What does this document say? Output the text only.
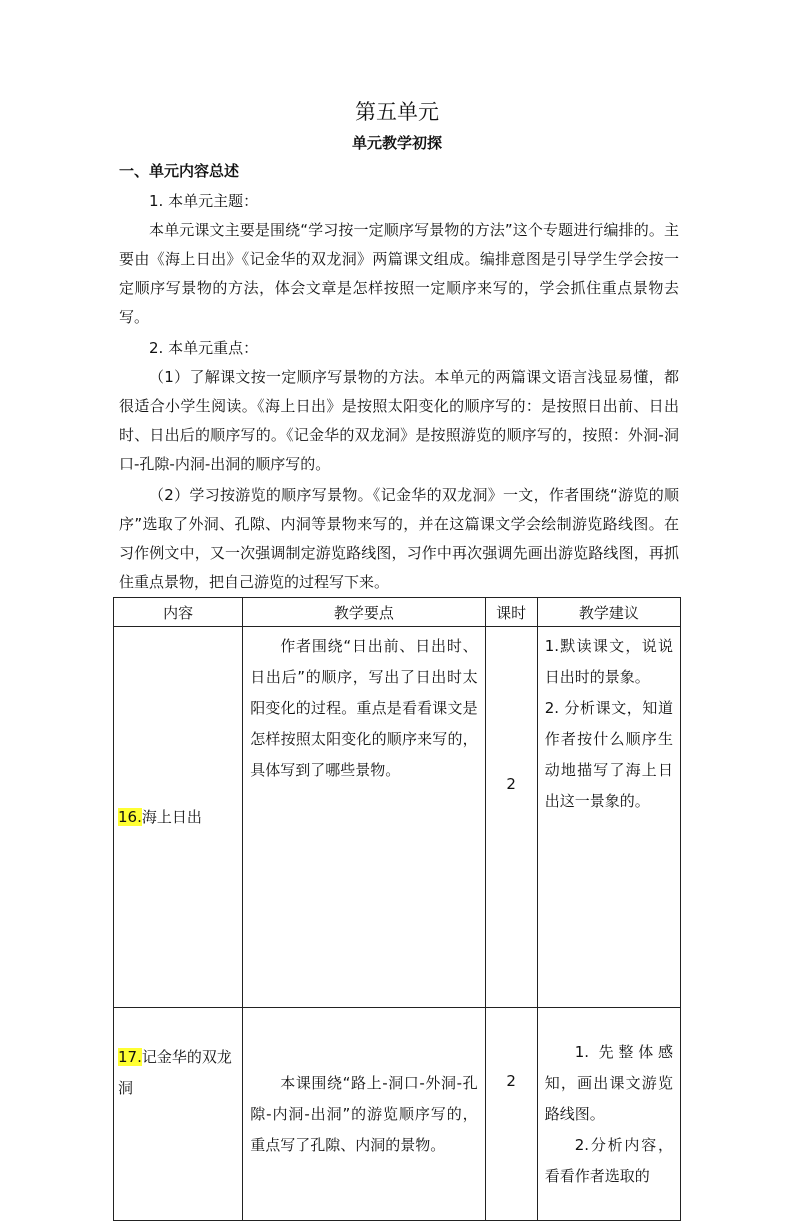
第五单元
单元教学初探
一、单元内容总述
1. 本单元主题：
本单元课文主要是围绕“学习按一定顺序写景物的方法”这个专题进行编排的。主要由《海上日出》《记金华的双龙洞》两篇课文组成。编排意图是引导学生学会按一定顺序写景物的方法，体会文章是怎样按照一定顺序来写的，学会抓住重点景物去写。
2. 本单元重点：
（1）了解课文按一定顺序写景物的方法。本单元的两篇课文语言浅显易懂，都很适合小学生阅读。《海上日出》是按照太阳变化的顺序写的：是按照日出前、日出时、日出后的顺序写的。《记金华的双龙洞》是按照游览的顺序写的，按照：外洞-洞口-孔隙-内洞-出洞的顺序写的。
（2）学习按游览的顺序写景物。《记金华的双龙洞》一文，作者围绕“游览的顺序”选取了外洞、孔隙、内洞等景物来写的，并在这篇课文学会绘制游览路线图。在习作例文中，又一次强调制定游览路线图，习作中再次强调先画出游览路线图，再抓住重点景物，把自己游览的过程写下来。
内容	教学要点	课时	教学建议

16.海上日出	作者围绕“日出前、日出时、日出后”的顺序，写出了日出时太阳变化的过程。重点是看看课文是怎样按照太阳变化的顺序来写的，具体写到了哪些景物。	2	1.默读课文，说说日出时的景象。
2. 分析课文，知道作者按什么顺序生动地描写了海上日出这一景象的。

17.记金华的双龙洞	本课围绕“路上-洞口-外洞-孔隙-内洞-出洞”的游览顺序写的，重点写了孔隙、内洞的景物。	2	1. 先整体感知，画出课文游览路线图。
2.分析内容，看看作者选取的
